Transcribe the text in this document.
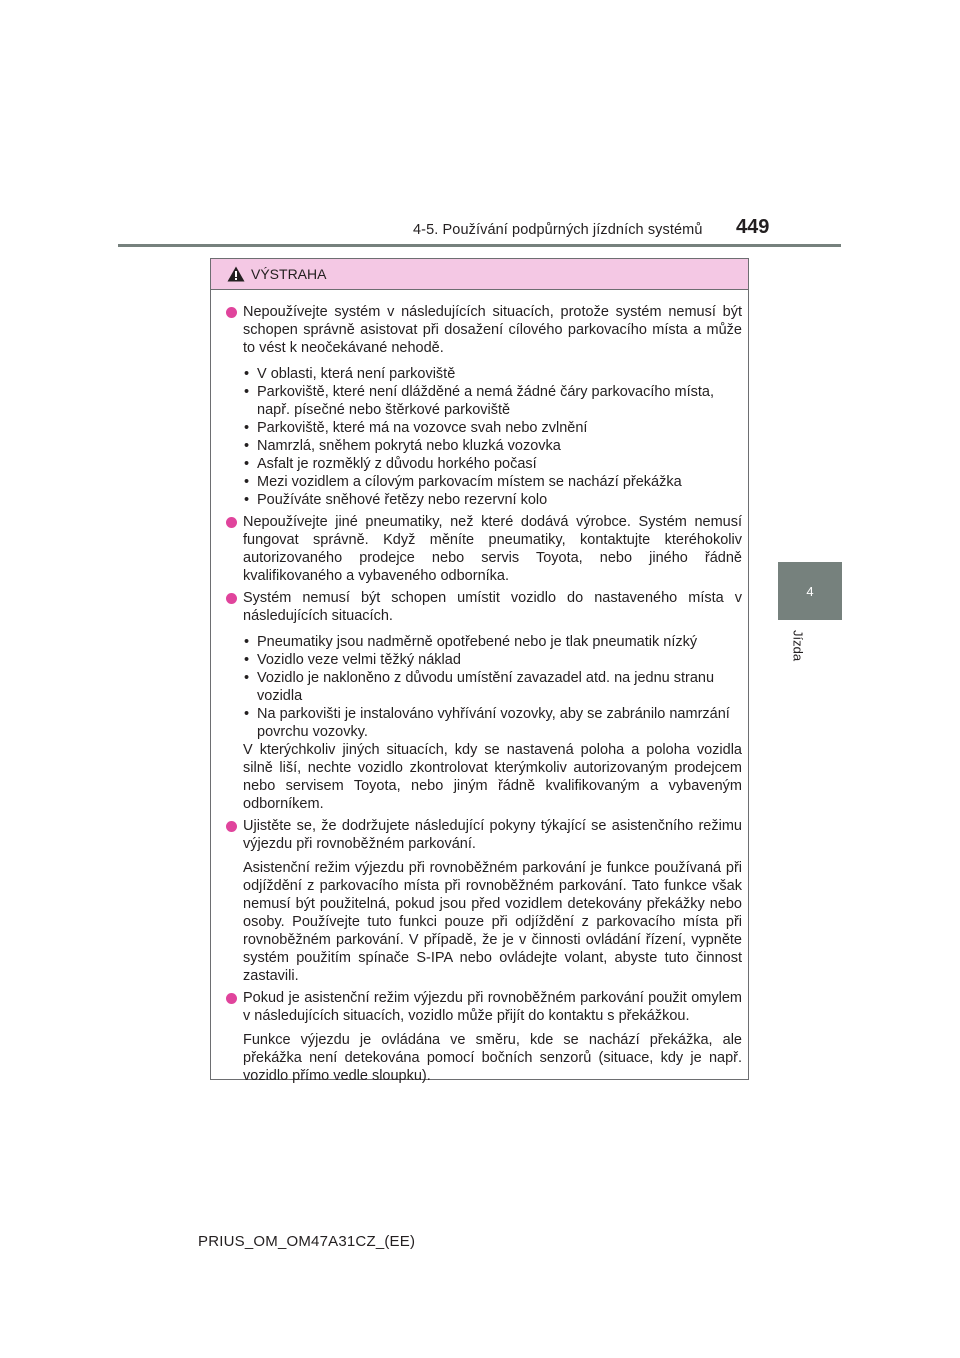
4-5. Používání podpůrných jízdních systémů 449
4
Jízda
VÝSTRAHA

Nepoužívejte systém v následujících situacích, protože systém nemusí být schopen správně asistovat při dosažení cílového parkovacího místa a může to vést k neočekávané nehodě.

• V oblasti, která není parkoviště
• Parkoviště, které není dlážděné a nemá žádné čáry parkovacího místa, např. písečné nebo štěrkové parkoviště
• Parkoviště, které má na vozovce svah nebo zvlnění
• Namrzlá, sněhem pokrytá nebo kluzká vozovka
• Asfalt je rozměklý z důvodu horkého počasí
• Mezi vozidlem a cílovým parkovacím místem se nachází překážka
• Používáte sněhové řetězy nebo rezervní kolo

Nepoužívejte jiné pneumatiky, než které dodává výrobce. Systém nemusí fungovat správně. Když měníte pneumatiky, kontaktujte kteréhokoliv autorizovaného prodejce nebo servis Toyota, nebo jiného řádně kvalifikovaného a vybaveného odborníka.

Systém nemusí být schopen umístit vozidlo do nastaveného místa v následujících situacích.

• Pneumatiky jsou nadměrně opotřebené nebo je tlak pneumatik nízký
• Vozidlo veze velmi těžký náklad
• Vozidlo je nakloněno z důvodu umístění zavazadel atd. na jednu stranu vozidla
• Na parkovišti je instalováno vyhřívání vozovky, aby se zabránilo namrzání povrchu vozovky.

V kterýchkoliv jiných situacích, kdy se nastavená poloha a poloha vozidla silně liší, nechte vozidlo zkontrolovat kterýmkoliv autorizovaným prodejcem nebo servisem Toyota, nebo jiným řádně kvalifikovaným a vybaveným odborníkem.

Ujistěte se, že dodržujete následující pokyny týkající se asistenčního režimu výjezdu při rovnoběžném parkování.

Asistenční režim výjezdu při rovnoběžném parkování je funkce používaná při odjíždění z parkovacího místa při rovnoběžném parkování. Tato funkce však nemusí být použitelná, pokud jsou před vozidlem detekovány překážky nebo osoby. Používejte tuto funkci pouze při odjíždění z parkovacího místa při rovnoběžném parkování. V případě, že je v činnosti ovládání řízení, vypněte systém použitím spínače S-IPA nebo ovládejte volant, abyste tuto činnost zastavili.

Pokud je asistenční režim výjezdu při rovnoběžném parkování použit omylem v následujících situacích, vozidlo může přijít do kontaktu s překážkou.

Funkce výjezdu je ovládána ve směru, kde se nachází překážka, ale překážka není detekována pomocí bočních senzorů (situace, kdy je např. vozidlo přímo vedle sloupku).

PRIUS_OM_OM47A31CZ_(EE)
